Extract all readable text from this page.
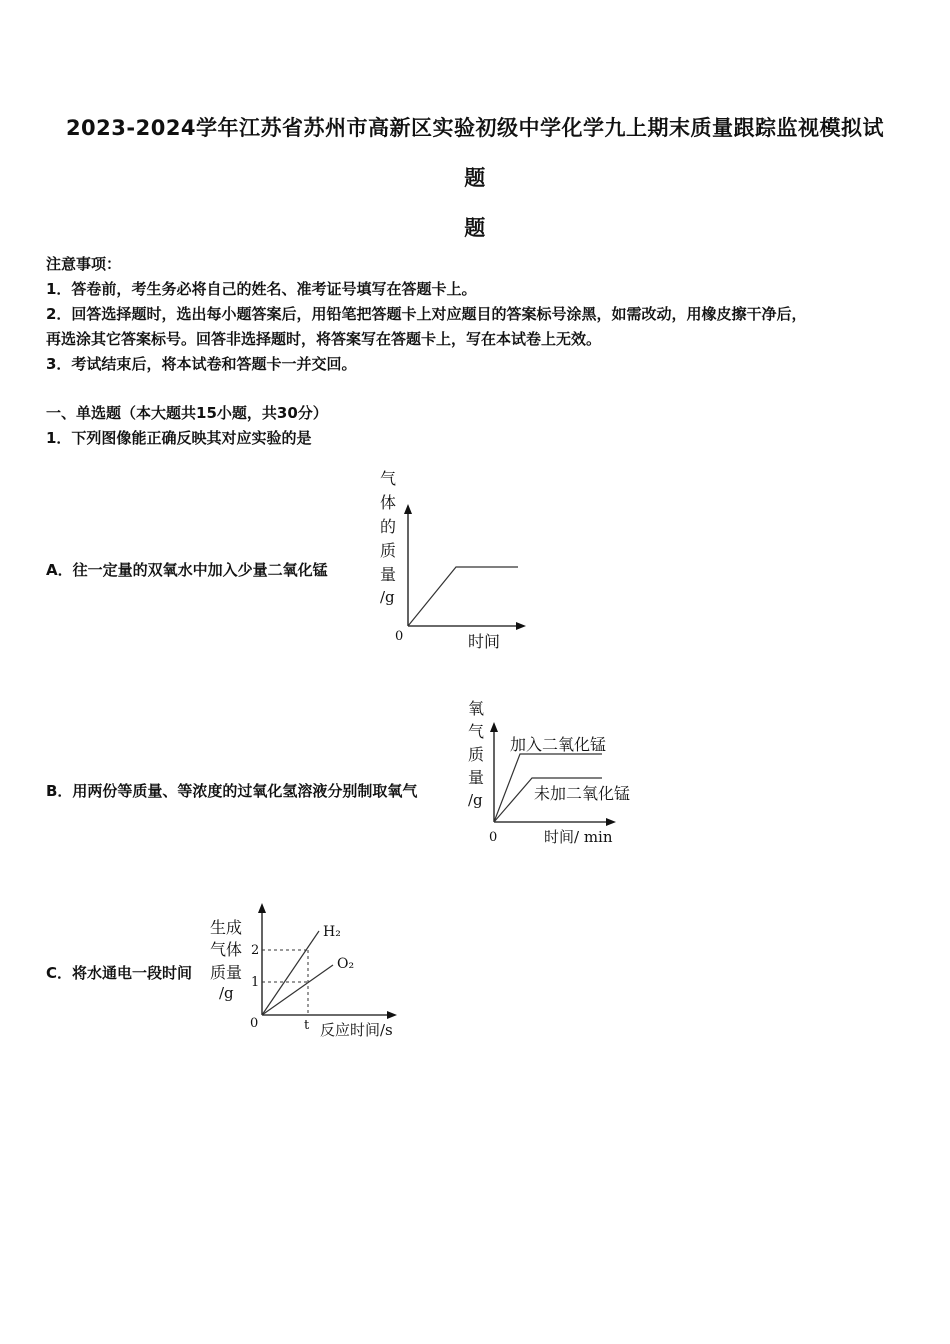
2023-2024学年江苏省苏州市高新区实验初级中学化学九上期末质量跟踪监视模拟试
题
题
注意事项：
1．答卷前，考生务必将自己的姓名、准考证号填写在答题卡上。
2．回答选择题时，选出每小题答案后，用铅笔把答题卡上对应题目的答案标号涂黑，如需改动，用橡皮擦干净后，
再选涂其它答案标号。回答非选择题时，将答案写在答题卡上，写在本试卷上无效。
3．考试结束后，将本试卷和答题卡一并交回。
一、单选题（本大题共15小题，共30分）
1．下列图像能正确反映其对应实验的是
A．往一定量的双氧水中加入少量二氧化锰
气
体
的
质
量
/g
0	时间
B．用两份等质量、等浓度的过氧化氢溶液分别制取氧气
氧
气
质
量
/g
0	时间/ min
加入二氧化锰
未加二氧化锰
C．将水通电一段时间
生成
气体
质量
/g
2
1
t
0	反应时间/s
H₂
O₂
